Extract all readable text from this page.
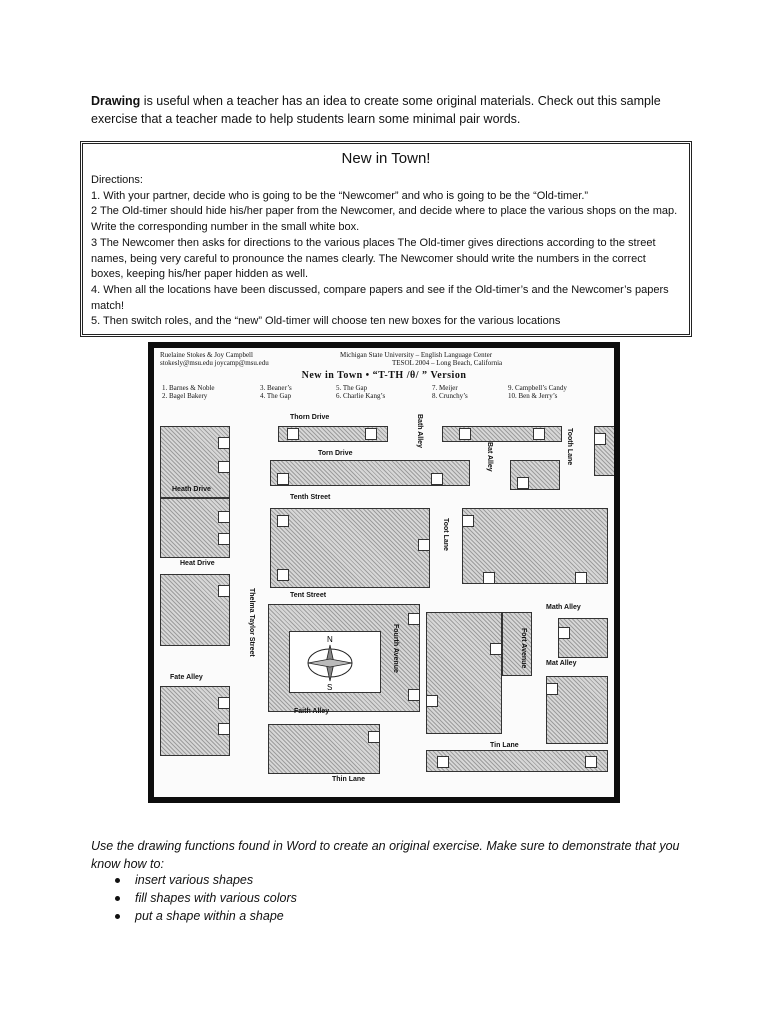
Drawing is useful when a teacher has an idea to create some original materials. Check out this sample exercise that a teacher made to help students learn some minimal pair words.
New in Town!
Directions:
1. With your partner, decide who is going to be the “Newcomer” and who is going to be the “Old-timer.”
2 The Old-timer should hide his/her paper from the Newcomer, and decide where to place the various shops on the map. Write the corresponding number in the small white box.
3 The Newcomer then asks for directions to the various places The Old-timer gives directions according to the street names, being very careful to pronounce the names clearly. The Newcomer should write the numbers in the correct boxes, keeping his/her paper hidden as well.
4. When all the locations have been discussed, compare papers and see if the Old-timer’s and the Newcomer’s papers match!
5. Then switch roles, and the “new” Old-timer will choose ten new boxes for the various locations
Ruelaine Stokes & Joy Campbell
stokesly@msu.edu joycamp@msu.edu
Michigan State University – English Language Center
TESOL 2004 – Long Beach, California
New in Town • “T-TH /θ/ ” Version
1. Barnes & Noble
2. Bagel Bakery
3. Beaner’s
4. The Gap
5. The Gap
6. Charlie Kang’s
7. Meijer
8. Crunchy’s
9. Campbell’s Candy
10. Ben & Jerry’s
N
S
Thorn Drive
Torn Drive
Tenth Street
Heath Drive
Heat Drive
Tent Street
Fate Alley
Faith Alley
Thin Lane
Tin Lane
Math Alley
Mat Alley
Bath Alley
Bat Alley	Tooth Lane
Toot Lane
Thelma Taylor Street	Fourth Avenue	Fort Avenue
Use the drawing functions found in Word to create an original exercise. Make sure to demonstrate that you know how to:
insert various shapes
fill shapes with various colors
put a shape within a shape
